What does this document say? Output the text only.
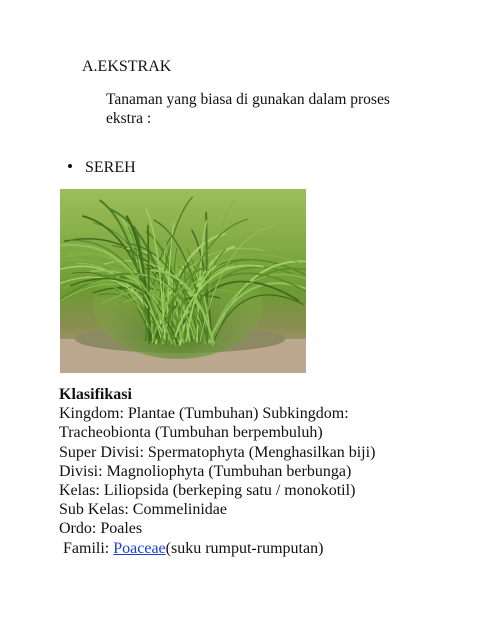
A.EKSTRAK
Tanaman yang biasa di gunakan dalam proses ekstra :
SEREH
Klasifikasi
Kingdom: Plantae (Tumbuhan) Subkingdom:
Tracheobionta (Tumbuhan berpembuluh)
Super Divisi: Spermatophyta (Menghasilkan biji)
Divisi: Magnoliophyta (Tumbuhan berbunga)
Kelas: Liliopsida (berkeping satu / monokotil)
Sub Kelas: Commelinidae
Ordo: Poales
Famili: Poaceae(suku rumput-rumputan)
